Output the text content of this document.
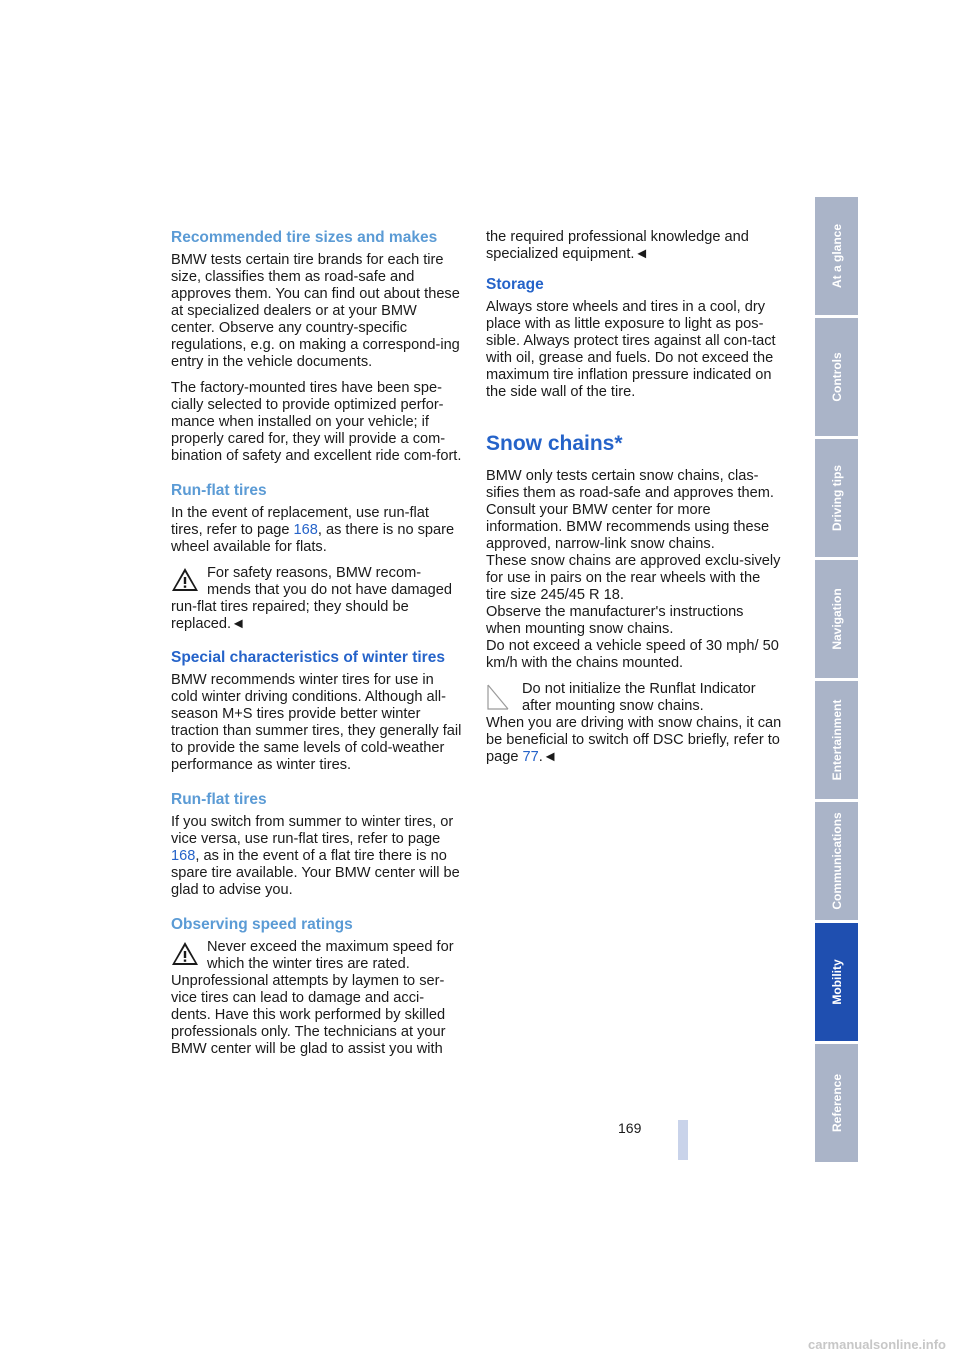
Recommended tire sizes and makes

BMW tests certain tire brands for each tire size, classifies them as road-safe and approves them. You can find out about these at specialized dealers or at your BMW center. Observe any country-specific regulations, e.g. on making a correspond-ing entry in the vehicle documents.

The factory-mounted tires have been spe-cially selected to provide optimized perfor-mance when installed on your vehicle; if properly cared for, they will provide a com-bination of safety and excellent ride com-fort.

Run-flat tires

In the event of replacement, use run-flat tires, refer to page 168, as there is no spare wheel available for flats.

For safety reasons, BMW recom-mends that you do not have damaged
run-flat tires repaired; they should be replaced.◄

Special characteristics of winter tires

BMW recommends winter tires for use in cold winter driving conditions. Although all-season M+S tires provide better winter traction than summer tires, they generally fail to provide the same levels of cold-weather performance as winter tires.

Run-flat tires

If you switch from summer to winter tires, or vice versa, use run-flat tires, refer to page 168, as in the event of a flat tire there is no spare tire available. Your BMW center will be glad to advise you.

Observing speed ratings

Never exceed the maximum speed for which the winter tires are rated.
Unprofessional attempts by laymen to ser-vice tires can lead to damage and acci-dents. Have this work performed by skilled professionals only. The technicians at your BMW center will be glad to assist you with

the required professional knowledge and specialized equipment.◄

Storage

Always store wheels and tires in a cool, dry place with as little exposure to light as pos-sible. Always protect tires against all con-tact with oil, grease and fuels. Do not exceed the maximum tire inflation pressure indicated on the side wall of the tire.

Snow chains*

BMW only tests certain snow chains, clas-sifies them as road-safe and approves them. Consult your BMW center for more information. BMW recommends using these approved, narrow-link snow chains.

These snow chains are approved exclu-sively for use in pairs on the rear wheels with the tire size 245/45 R 18.

Observe the manufacturer's instructions when mounting snow chains.

Do not exceed a vehicle speed of 30 mph/ 50 km/h with the chains mounted.

Do not initialize the Runflat Indicator after mounting snow chains.
When you are driving with snow chains, it can be beneficial to switch off DSC briefly, refer to page 77.◄

At a glance
Controls
Driving tips
Navigation
Entertainment
Communications
Mobility
Reference
169
carmanualsonline.info
